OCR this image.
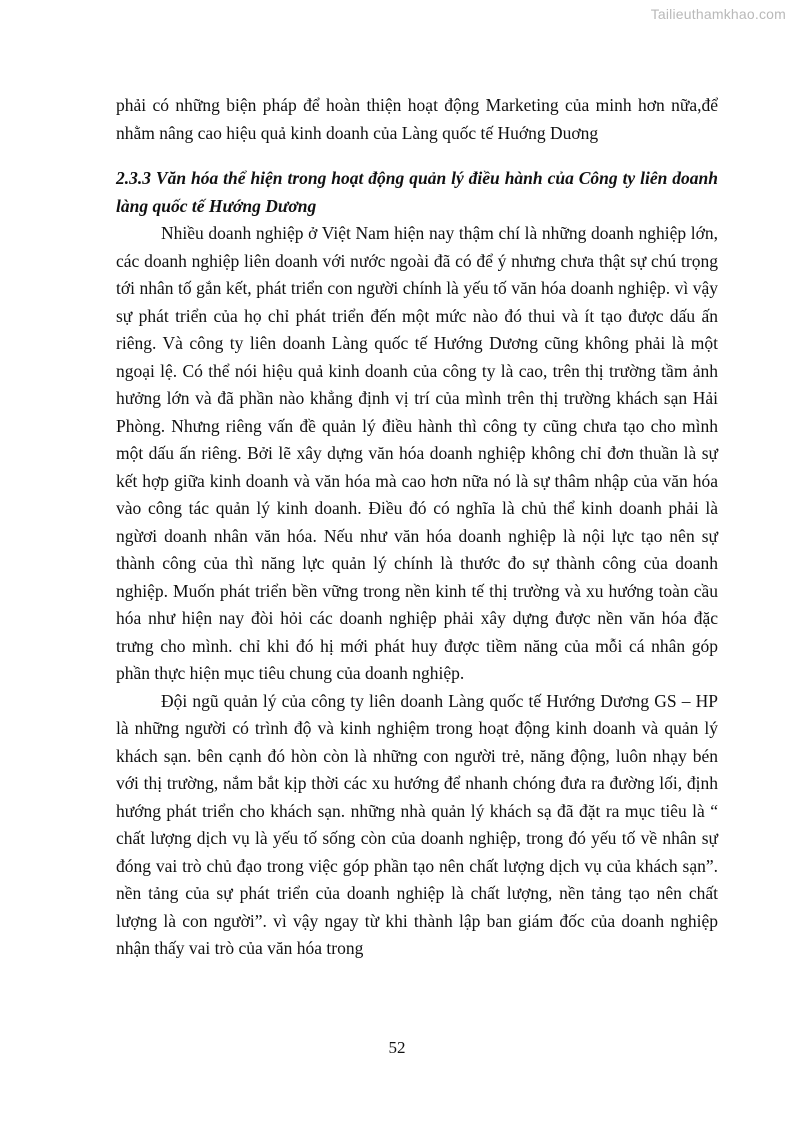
Tailieuthamkhao.com

phải có những biện pháp để hoàn thiện hoạt động Marketing của minh hơn nữa,để nhằm nâng cao hiệu quả kinh doanh của Làng quốc tế Huớng Duơng

2.3.3 Văn hóa thể hiện trong hoạt động quản lý điều hành của Công ty liên doanh làng quốc tế Hướng Dương

Nhiều doanh nghiệp ở Việt Nam hiện nay thậm chí là những doanh nghiệp lớn, các doanh nghiệp liên doanh với nước ngoài đã có để ý nhưng chưa thật sự chú trọng tới nhân tố gắn kết, phát triển con người chính là yếu tố văn hóa doanh nghiệp. vì vậy sự phát triển của họ chỉ phát triển đến một mức nào đó thui và ít tạo được dấu ấn riêng. Và công ty liên doanh Làng quốc tế Hướng Dương cũng không phải là một ngoại lệ. Có thể nói hiệu quả kinh doanh của công ty là cao, trên thị trường tầm ảnh hưởng lớn và đã phần nào khẳng định vị trí của mình trên thị trường khách sạn Hải Phòng. Nhưng riêng vấn đề quản lý điều hành thì công ty cũng chưa tạo cho mình một dấu ấn riêng. Bởi lẽ xây dựng văn hóa doanh nghiệp không chỉ đơn thuần là sự kết hợp giữa kinh doanh và văn hóa mà cao hơn nữa nó là sự thâm nhập của văn hóa vào công tác quản lý kinh doanh. Điều đó có nghĩa là chủ thể kinh doanh phải là ngừơi doanh nhân văn hóa. Nếu như văn hóa doanh nghiệp là nội lực tạo nên sự thành công của thì năng lực quản lý chính là thước đo sự thành công của doanh nghiệp. Muốn phát triển bền vững trong nền kinh tế thị trường và xu hướng toàn cầu hóa như hiện nay đòi hỏi các doanh nghiệp phải xây dựng được nền văn hóa đặc trưng cho mình. chỉ khi đó hị mới phát huy được tiềm năng của mỗi cá nhân góp phần thực hiện mục tiêu chung của doanh nghiệp.

Đội ngũ quản lý của công ty liên doanh Làng quốc tế Hướng Dương GS – HP là những người có trình độ và kinh nghiệm trong hoạt động kinh doanh và quản lý khách sạn. bên cạnh đó hòn còn là những con người trẻ, năng động, luôn nhạy bén với thị trường, nắm bắt kịp thời các xu hướng để nhanh chóng đưa ra đường lối, định hướng phát triển cho khách sạn. những nhà quản lý khách sạ đã đặt ra mục tiêu là “ chất lượng dịch vụ là yếu tố sống còn của doanh nghiệp, trong đó yếu tố về nhân sự đóng vai trò chủ đạo trong việc góp phần tạo nên chất lượng dịch vụ của khách sạn”. nền tảng của sự phát triển của doanh nghiệp là chất lượng, nền tảng tạo nên chất lượng là con người”. vì vậy ngay từ khi thành lập ban giám đốc của doanh nghiệp nhận thấy vai trò của văn hóa trong

52
